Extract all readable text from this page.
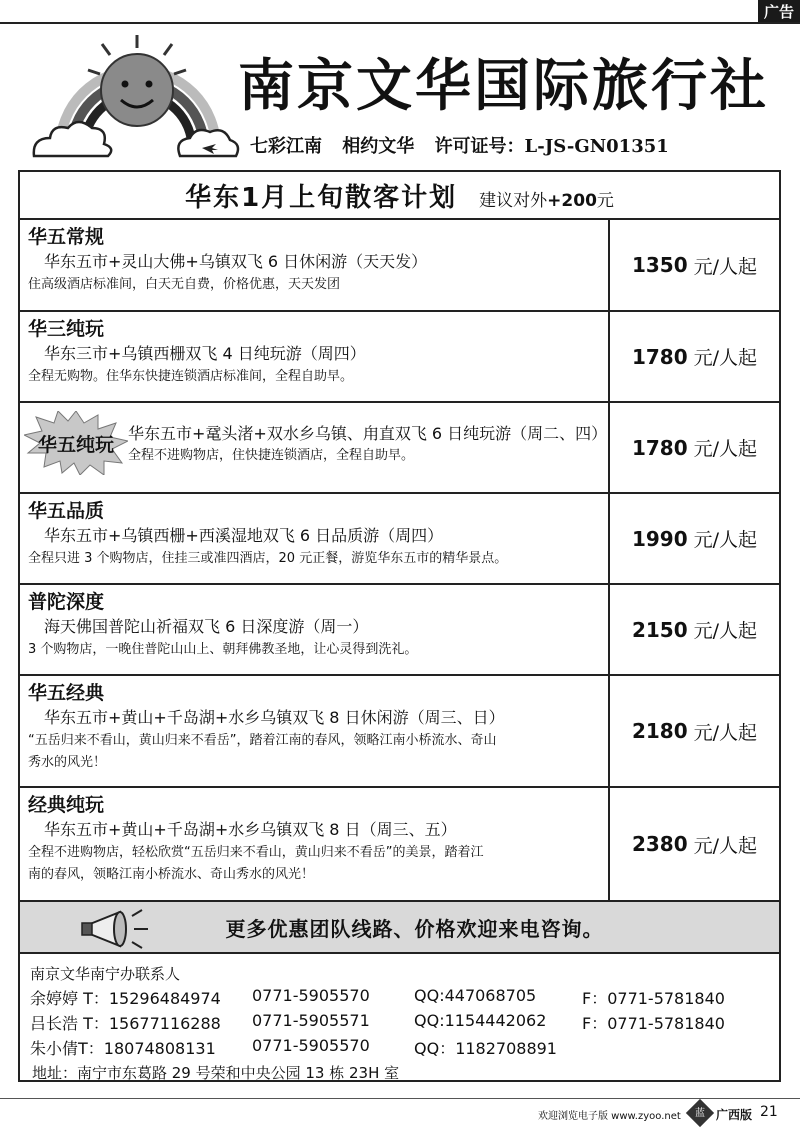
广告
南京文华国际旅行社
七彩江南 相约文华 许可证号：L-JS-GN01351
华东1月上旬散客计划 建议对外+200元
华五常规
华东五市+灵山大佛+乌镇双飞 6 日休闲游（天天发）
住高级酒店标准间，白天无自费，价格优惠，天天发团
1350 元/人起
华三纯玩
华东三市+乌镇西栅双飞 4 日纯玩游（周四）
全程无购物。住华东快捷连锁酒店标准间，全程自助早。
1780 元/人起
华五纯玩 华东五市+鼋头渚+双水乡乌镇、甪直双飞 6 日纯玩游（周二、四）
全程不进购物店，住快捷连锁酒店，全程自助早。	1780 元/人起
华五品质
华东五市+乌镇西栅+西溪湿地双飞 6 日品质游（周四）
全程只进 3 个购物店，住挂三或准四酒店，20 元正餐，游览华东五市的精华景点。
1990 元/人起
普陀深度
海天佛国普陀山祈福双飞 6 日深度游（周一）
3 个购物店，一晚住普陀山山上、朝拜佛教圣地，让心灵得到洗礼。
2150 元/人起
华五经典
华东五市+黄山+千岛湖+水乡乌镇双飞 8 日休闲游（周三、日）
“五岳归来不看山，黄山归来不看岳”，踏着江南的春风，领略江南小桥流水、奇山
秀水的风光！
2180 元/人起
经典纯玩
华东五市+黄山+千岛湖+水乡乌镇双飞 8 日（周三、五）
全程不进购物店，轻松欣赏“五岳归来不看山，黄山归来不看岳”的美景，踏着江
南的春风，领略江南小桥流水、奇山秀水的风光！
2380 元/人起
更多优惠团队线路、价格欢迎来电咨询。
南京文华南宁办联系人
余婷婷 T：15296484974 0771-5905570	QQ:447068705	F：0771-5781840
吕长浩 T：15677116288 0771-5905571	QQ:1154442062 F：0771-5781840
朱小倩T：18074808131 0771-5905570	QQ：1182708891
地址：南宁市东葛路 29 号荣和中央公园 13 栋 23H 室
欢迎浏览电子版 www.zyoo.net	蓝 广西版 21
